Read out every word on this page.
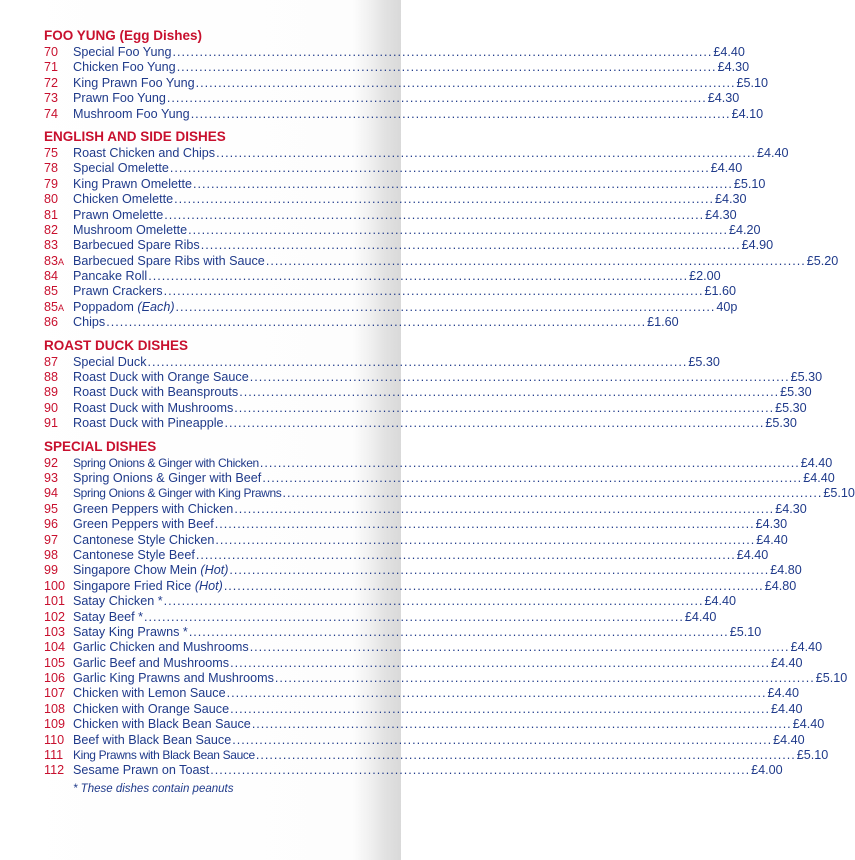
FOO YUNG (Egg Dishes)
70	Special Foo Yung .....	£4.40
71	Chicken Foo Yung .....	£4.30
72	King Prawn Foo Yung .....	£5.10
73	Prawn Foo Yung .....	£4.30
74	Mushroom Foo Yung .....	£4.10
ENGLISH AND SIDE DISHES
75	Roast Chicken and Chips .....	£4.40
78	Special Omelette .....	£4.40
79	King Prawn Omelette .....	£5.10
80	Chicken Omelette .....	£4.30
81	Prawn Omelette .....	£4.30
82	Mushroom Omelette .....	£4.20
83	Barbecued Spare Ribs .....	£4.90
83A Barbecued Spare Ribs with Sauce .....	£5.20
84	Pancake Roll .....	£2.00
85	Prawn Crackers .....	£1.60
85A Poppadom (Each) .....	40p
86	Chips .....	£1.60
ROAST DUCK DISHES
87	Special Duck .....	£5.30
88	Roast Duck with Orange Sauce .....	£5.30
89	Roast Duck with Beansprouts .....	£5.30
90	Roast Duck with Mushrooms .....	£5.30
91	Roast Duck with Pineapple .....	£5.30
SPECIAL DISHES
92	Spring Onions & Ginger with Chicken .....	£4.40
93	Spring Onions & Ginger with Beef .....	£4.40
94	Spring Onions & Ginger with King Prawns .....	£5.10
95	Green Peppers with Chicken .....	£4.30
96	Green Peppers with Beef .....	£4.30
97	Cantonese Style Chicken .....	£4.40
98	Cantonese Style Beef .....	£4.40
99	Singapore Chow Mein (Hot) .....	£4.80
100 Singapore Fried Rice (Hot) .....	£4.80
101 Satay Chicken * .....	£4.40
102 Satay Beef * .....	£4.40
103 Satay King Prawns * .....	£5.10
104 Garlic Chicken and Mushrooms .....	£4.40
105 Garlic Beef and Mushrooms .....	£4.40
106 Garlic King Prawns and Mushrooms .....	£5.10
107 Chicken with Lemon Sauce .....	£4.40
108 Chicken with Orange Sauce .....	£4.40
109 Chicken with Black Bean Sauce .....	£4.40
110 Beef with Black Bean Sauce .....	£4.40
111 King Prawns with Black Bean Sauce .....	£5.10
112 Sesame Prawn on Toast .....	£4.00
* These dishes contain peanuts
